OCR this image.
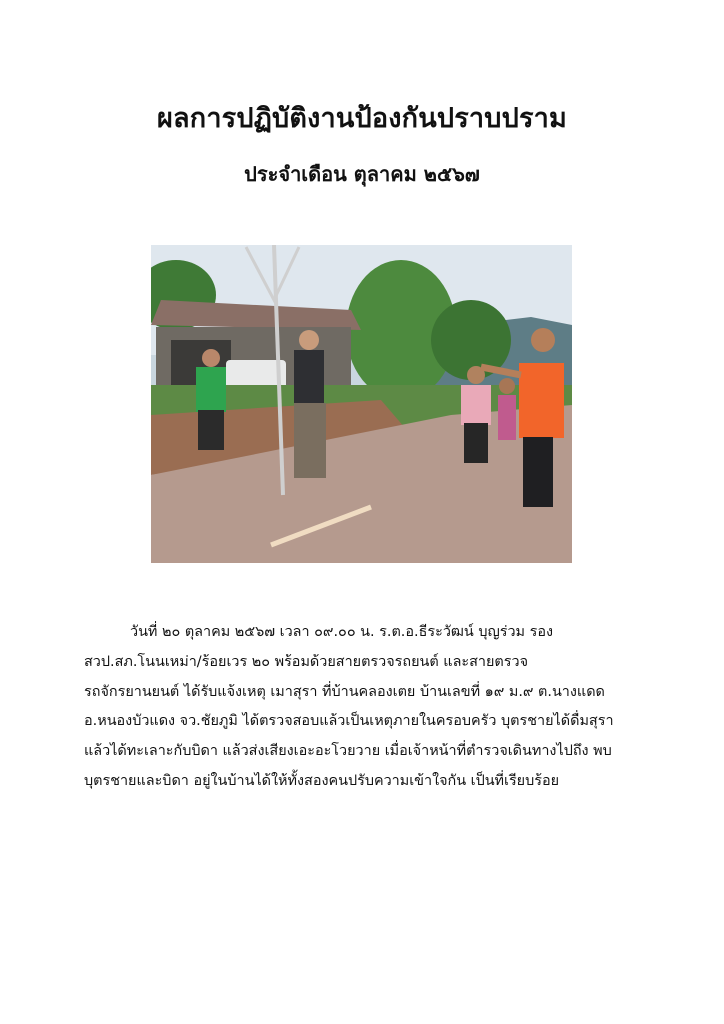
ผลการปฏิบัติงานป้องกันปราบปราม
ประจำเดือน ตุลาคม ๒๕๖๗
วันที่ ๒๐ ตุลาคม ๒๕๖๗ เวลา ๐๙.๐๐ น. ร.ต.อ.ธีระวัฒน์ บุญร่วม รอง
สวป.สภ.โนนเหม่า/ร้อยเวร ๒๐ พร้อมด้วยสายตรวจรถยนต์ และสายตรวจ
รถจักรยานยนต์ ได้รับแจ้งเหตุ เมาสุรา ที่บ้านคลองเตย บ้านเลขที่ ๑๙ ม.๙ ต.นางแดด
อ.หนองบัวแดง จว.ชัยภูมิ ได้ตรวจสอบแล้วเป็นเหตุภายในครอบครัว บุตรชายได้ดื่มสุรา
แล้วได้ทะเลาะกับบิดา แล้วส่งเสียงเอะอะโวยวาย เมื่อเจ้าหน้าที่ตำรวจเดินทางไปถึง พบ
บุตรชายและบิดา อยู่ในบ้านได้ให้ทั้งสองคนปรับความเข้าใจกัน เป็นที่เรียบร้อย
